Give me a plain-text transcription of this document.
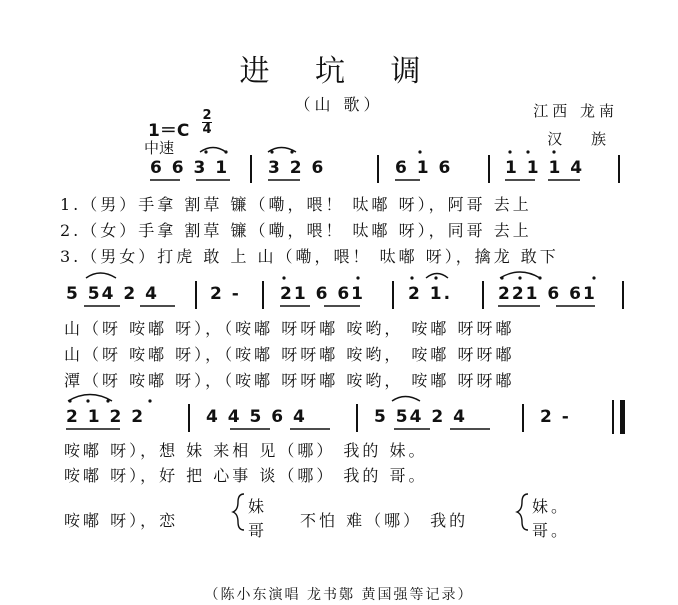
进 坑 调
（山 歌）	江西 龙南
汉 族
1＝C
2
4
中速
6 6 3 1 3 2 6	6 1 6	1 1 1 4
1.（男）手拿 割草 镰（嘞，喂！ 呔嘟 呀），阿哥 去上
2.（女）手拿 割草 镰（嘞，喂！ 呔嘟 呀），同哥 去上
3.（男女）打虎 敢 上 山（嘞，喂！ 呔嘟 呀），擒龙 敢下
5 54 2 4	2 - 21 6 61	2 1.	221 6 61
山（呀 咹嘟 呀），（咹嘟 呀呀嘟 咹哟， 咹嘟 呀呀嘟
山（呀 咹嘟 呀），（咹嘟 呀呀嘟 咹哟， 咹嘟 呀呀嘟
潭（呀 咹嘟 呀），（咹嘟 呀呀嘟 咹哟， 咹嘟 呀呀嘟
2 1 2 2	4 4 5 6 4	5 54 2 4	2 -
咹嘟 呀），想 妹 来相 见（哪） 我的 妹。
咹嘟 呀），好 把 心事 谈（哪） 我的 哥。
咹嘟 呀），恋
妹
哥
不怕 难（哪） 我的
妹。
哥。
（陈小东演唱 龙书鄚 黄国强等记录）
